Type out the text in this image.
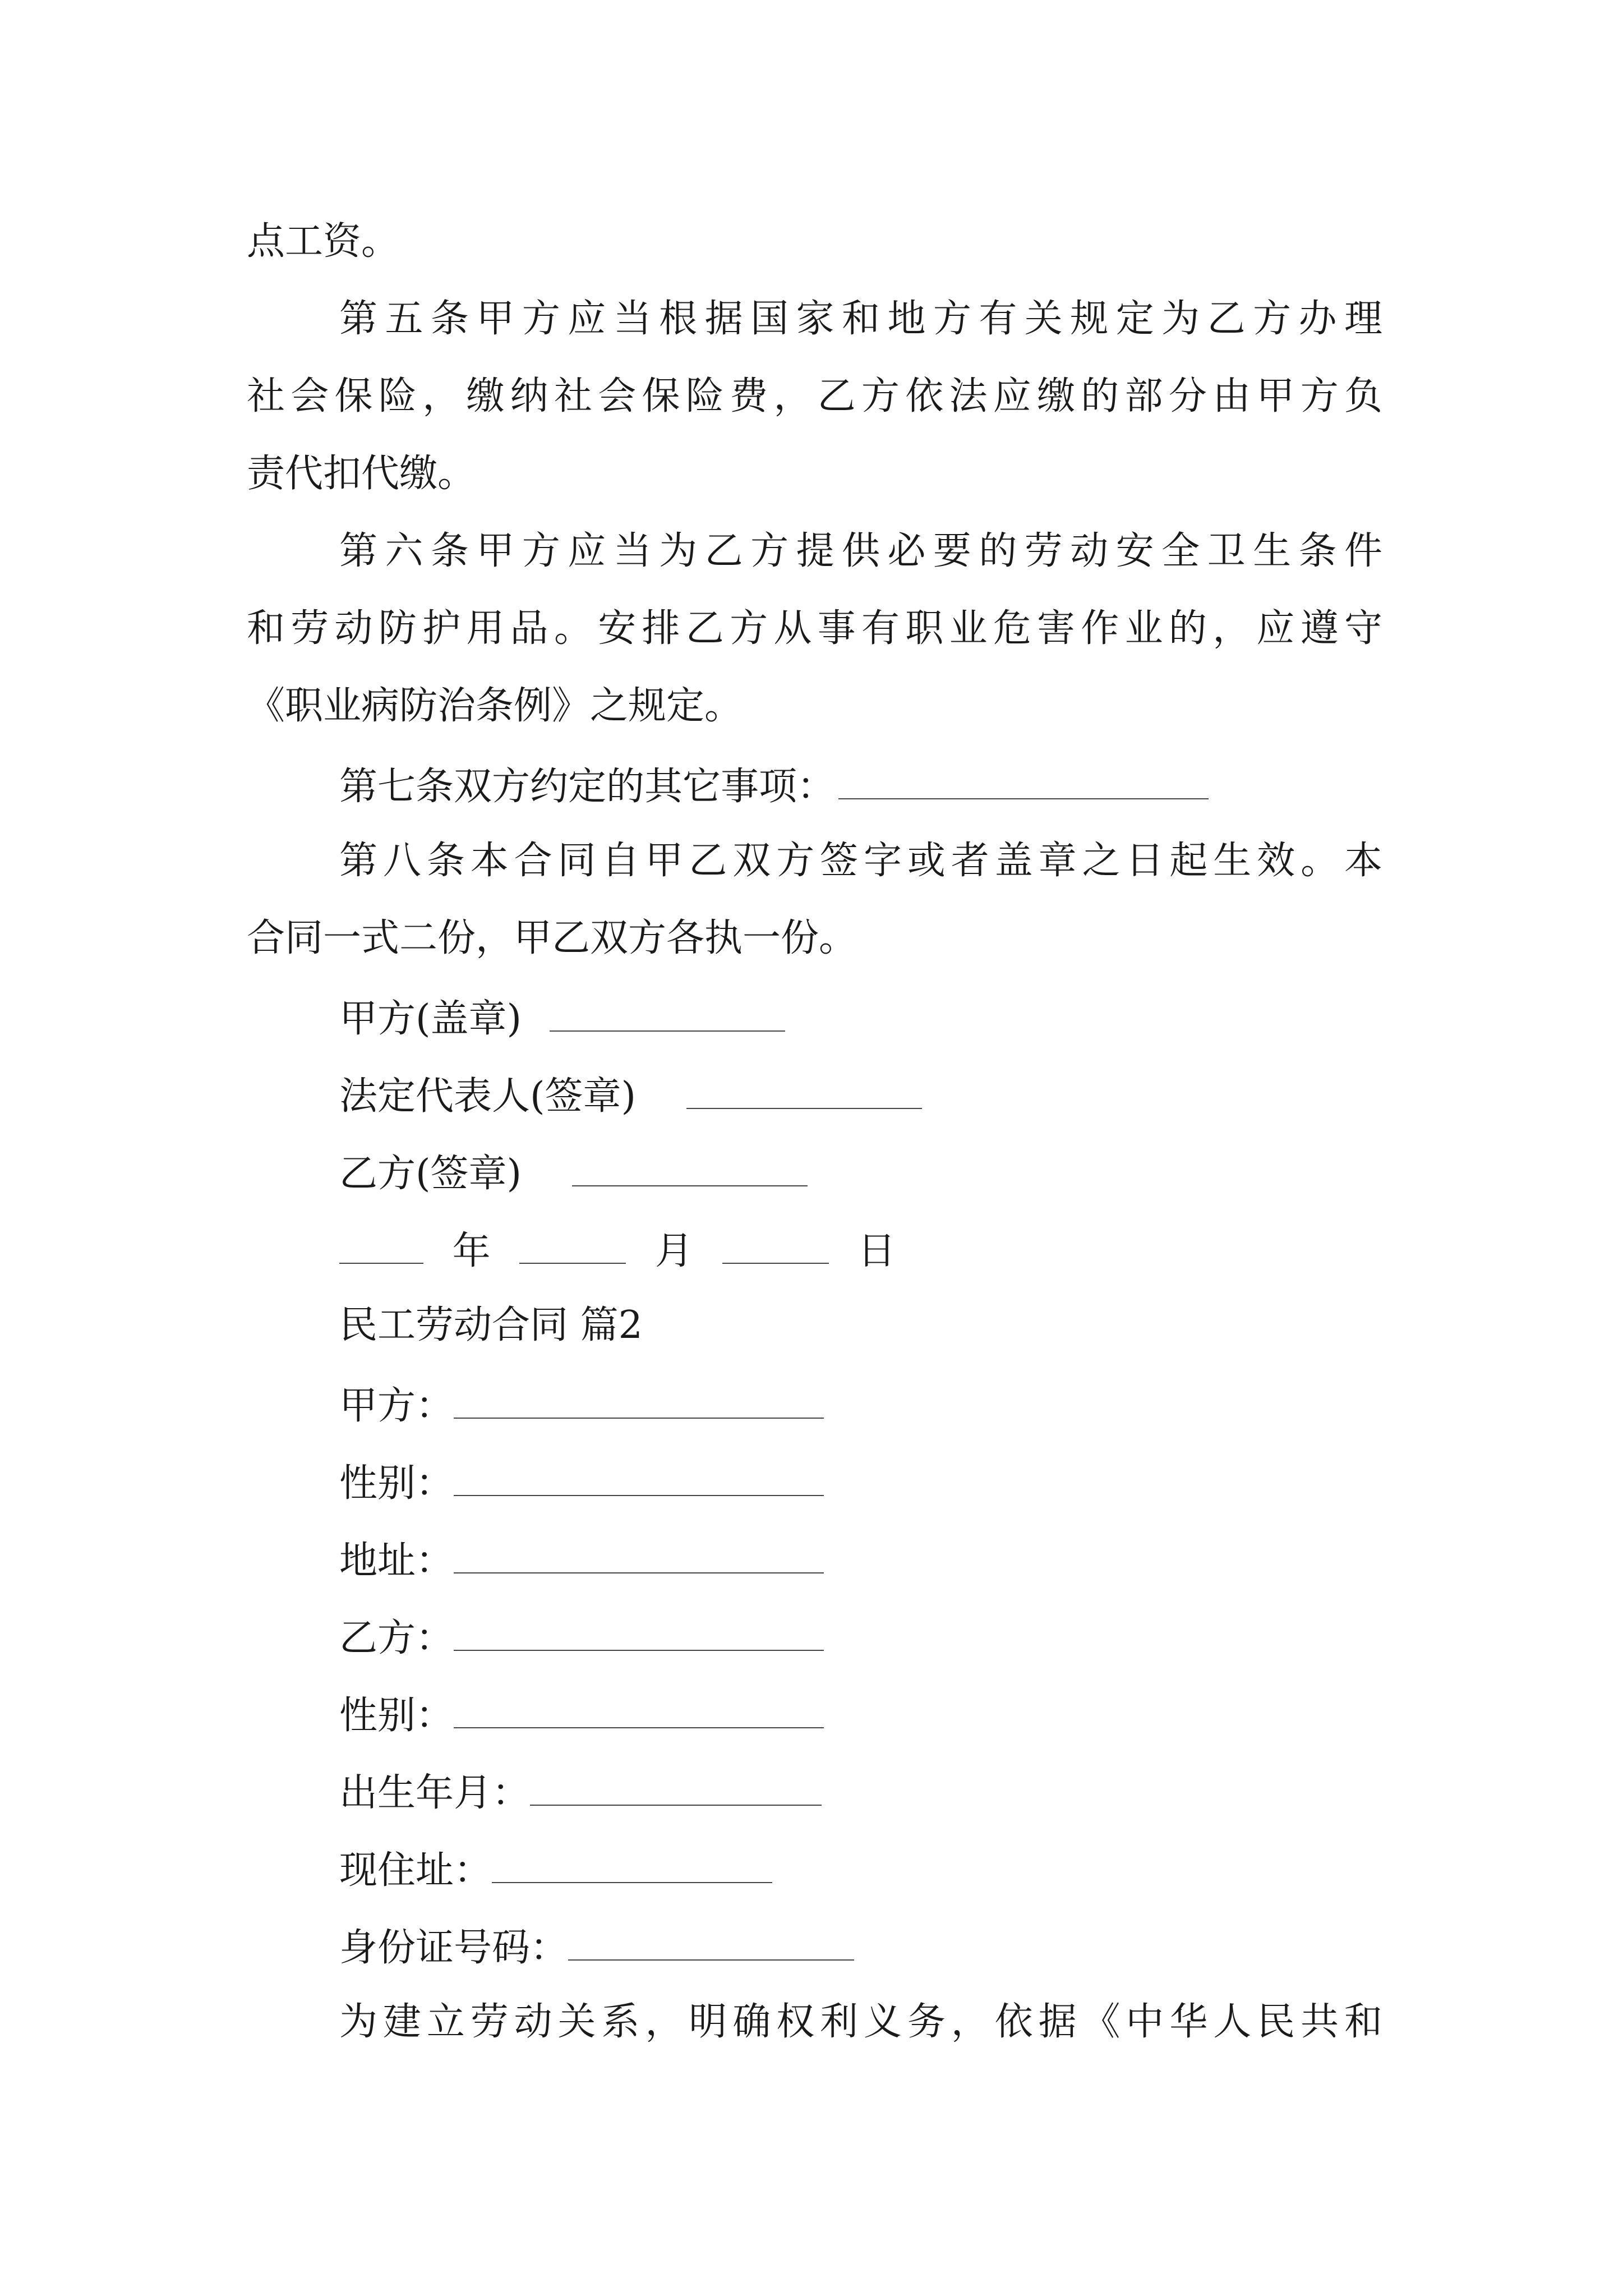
点工资。
第五条甲方应当根据国家和地方有关规定为乙方办理
社会保险，缴纳社会保险费，乙方依法应缴的部分由甲方负
责代扣代缴。
第六条甲方应当为乙方提供必要的劳动安全卫生条件
和劳动防护用品。安排乙方从事有职业危害作业的，应遵守
《职业病防治条例》之规定。
第七条双方约定的其它事项：
第八条本合同自甲乙双方签字或者盖章之日起生效。本
合同一式二份，甲乙双方各执一份。
甲方(盖章)
法定代表人(签章)
乙方(签章)
年	月	日
民工劳动合同 篇2
甲方：
性别：
地址：
乙方：
性别：
出生年月：
现住址：
身份证号码：
为建立劳动关系，明确权利义务，依据《中华人民共和
